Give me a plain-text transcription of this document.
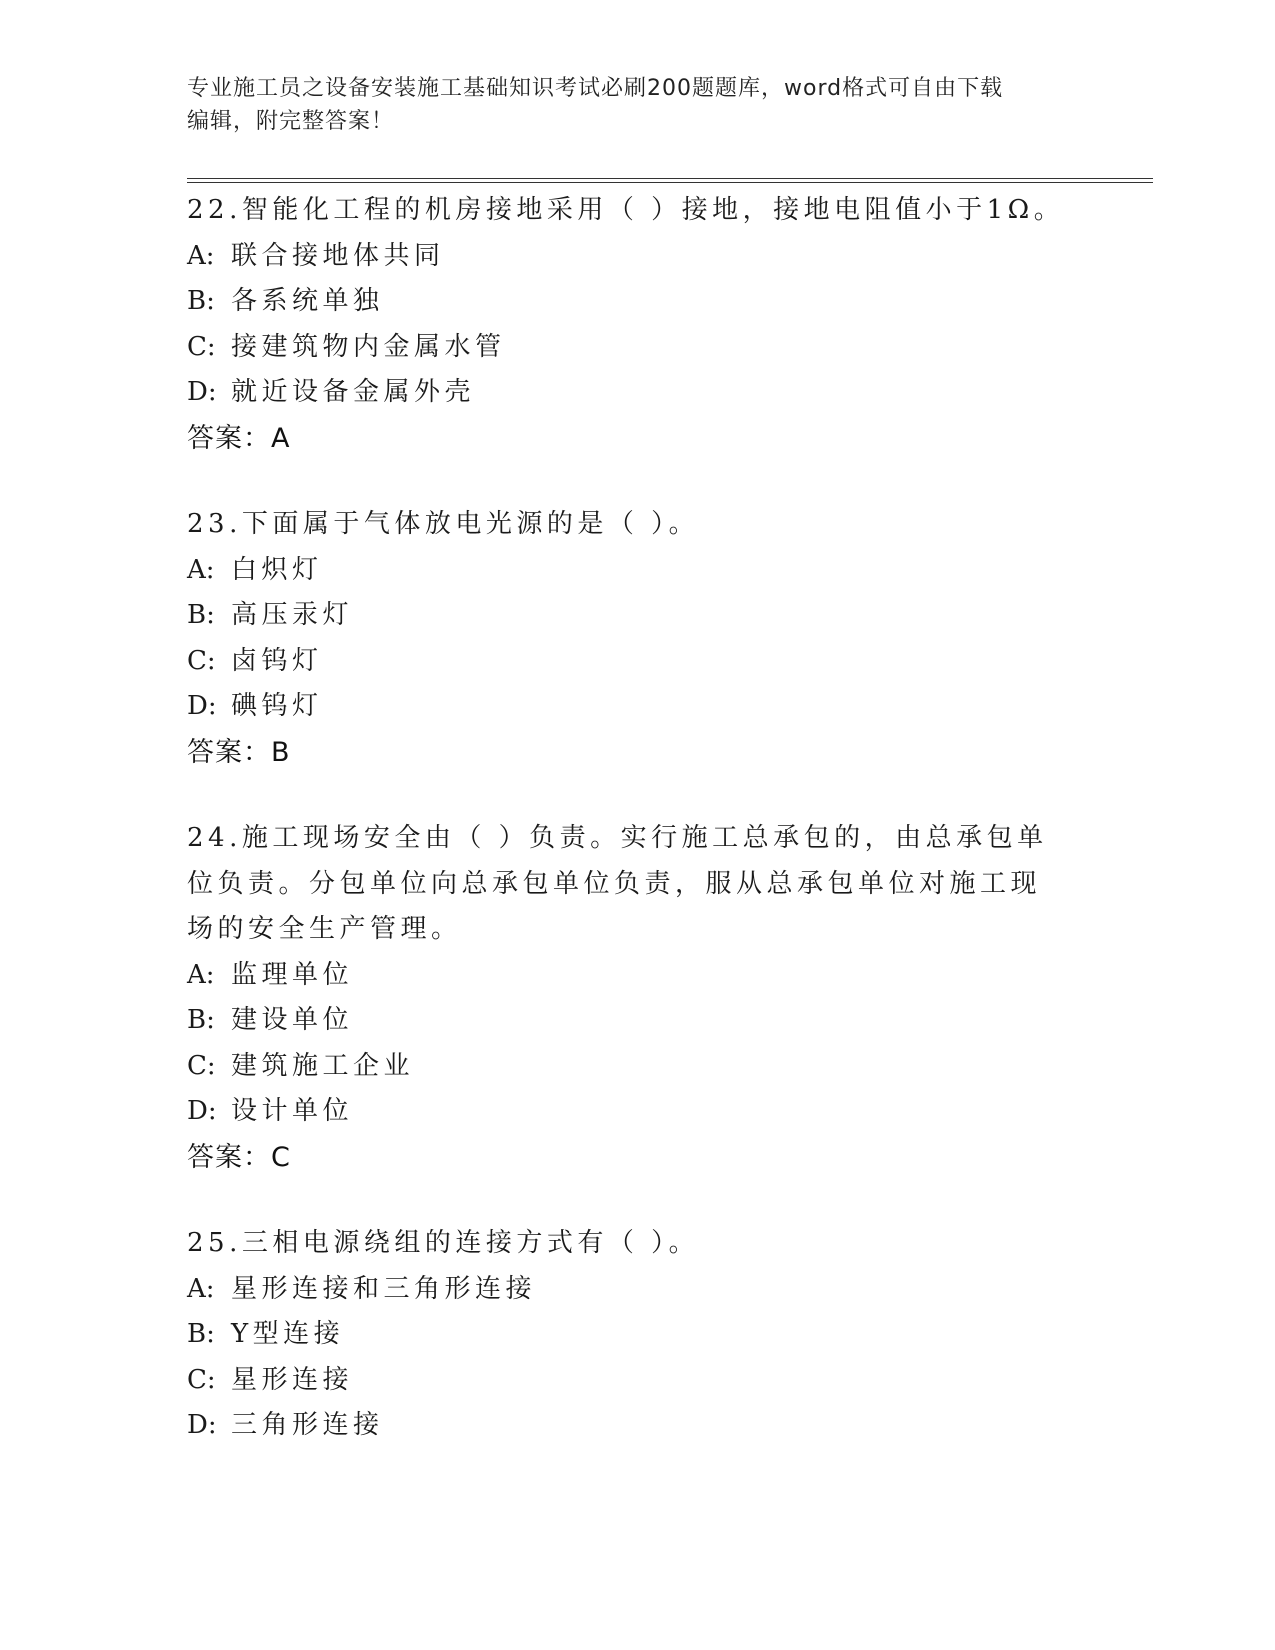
专业施工员之设备安装施工基础知识考试必刷200题题库，word格式可自由下载
编辑，附完整答案！

22.智能化工程的机房接地采用（ ）接地，接地电阻值小于1Ω。

A: 联合接地体共同
B: 各系统单独
C: 接建筑物内金属水管
D: 就近设备金属外壳
答案：A

23.下面属于气体放电光源的是（ ）。

A: 白炽灯
B: 高压汞灯
C: 卤钨灯
D: 碘钨灯
答案：B

24.施工现场安全由（ ）负责。实行施工总承包的，由总承包单位负责。分包单位向总承包单位负责，服从总承包单位对施工现场的安全生产管理。

A: 监理单位
B: 建设单位
C: 建筑施工企业
D: 设计单位
答案：C

25.三相电源绕组的连接方式有（ ）。

A: 星形连接和三角形连接
B: Y型连接
C: 星形连接
D: 三角形连接
